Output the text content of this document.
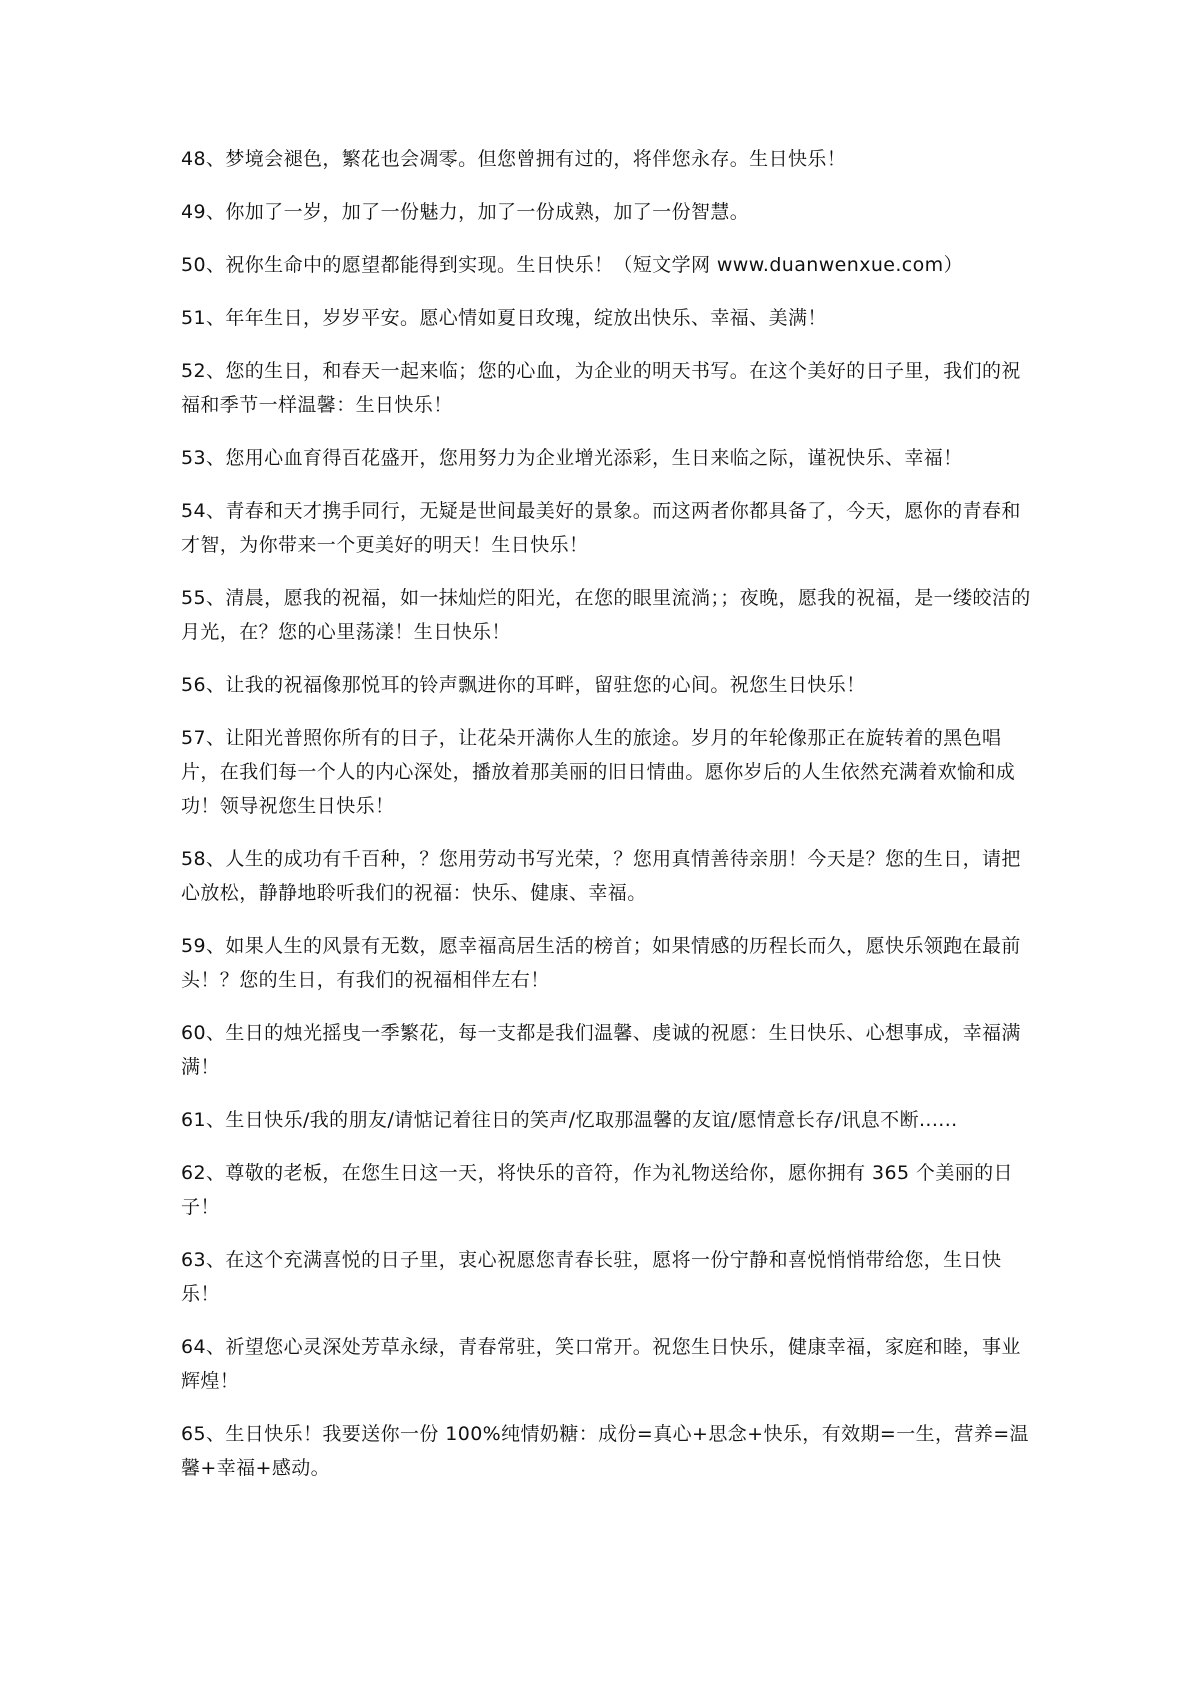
48、梦境会褪色，繁花也会凋零。但您曾拥有过的，将伴您永存。生日快乐！

49、你加了一岁，加了一份魅力，加了一份成熟，加了一份智慧。

50、祝你生命中的愿望都能得到实现。生日快乐！（短文学网 www.duanwenxue.com）

51、年年生日，岁岁平安。愿心情如夏日玫瑰，绽放出快乐、幸福、美满！

52、您的生日，和春天一起来临；您的心血，为企业的明天书写。在这个美好的日子里，我们的祝福和季节一样温馨：生日快乐！

53、您用心血育得百花盛开，您用努力为企业增光添彩，生日来临之际，谨祝快乐、幸福！

54、青春和天才携手同行，无疑是世间最美好的景象。而这两者你都具备了，今天，愿你的青春和才智，为你带来一个更美好的明天！生日快乐！

55、清晨，愿我的祝福，如一抹灿烂的阳光，在您的眼里流淌；；夜晚，愿我的祝福，是一缕皎洁的月光，在？您的心里荡漾！生日快乐！

56、让我的祝福像那悦耳的铃声飘进你的耳畔，留驻您的心间。祝您生日快乐！

57、让阳光普照你所有的日子，让花朵开满你人生的旅途。岁月的年轮像那正在旋转着的黑色唱片，在我们每一个人的内心深处，播放着那美丽的旧日情曲。愿你岁后的人生依然充满着欢愉和成功！领导祝您生日快乐！

58、人生的成功有千百种，？您用劳动书写光荣，？您用真情善待亲朋！今天是？您的生日，请把心放松，静静地聆听我们的祝福：快乐、健康、幸福。

59、如果人生的风景有无数，愿幸福高居生活的榜首；如果情感的历程长而久，愿快乐领跑在最前头！？您的生日，有我们的祝福相伴左右！

60、生日的烛光摇曳一季繁花，每一支都是我们温馨、虔诚的祝愿：生日快乐、心想事成，幸福满满！

61、生日快乐/我的朋友/请惦记着往日的笑声/忆取那温馨的友谊/愿情意长存/讯息不断......

62、尊敬的老板，在您生日这一天，将快乐的音符，作为礼物送给你，愿你拥有 365 个美丽的日子！

63、在这个充满喜悦的日子里，衷心祝愿您青春长驻，愿将一份宁静和喜悦悄悄带给您，生日快乐！

64、祈望您心灵深处芳草永绿，青春常驻，笑口常开。祝您生日快乐，健康幸福，家庭和睦，事业辉煌！

65、生日快乐！我要送你一份 100%纯情奶糖：成份=真心+思念+快乐，有效期=一生，营养=温馨+幸福+感动。
